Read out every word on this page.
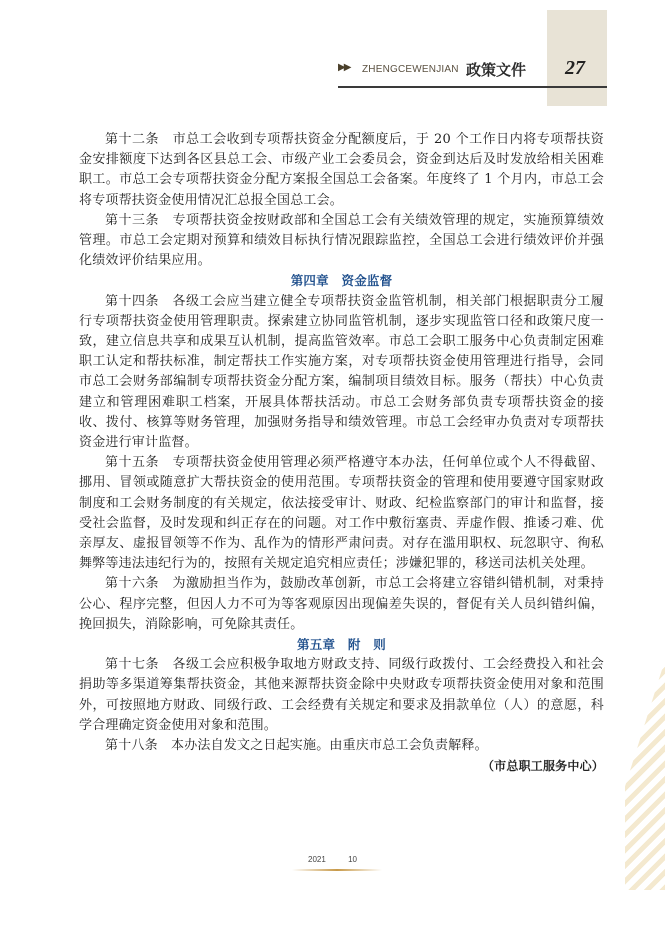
▶▶ ZHENGCEWENJIAN 政策文件 27

第十二条　市总工会收到专项帮扶资金分配额度后，于 20 个工作日内将专项帮扶资金安排额度下达到各区县总工会、市级产业工会委员会，资金到达后及时发放给相关困难职工。市总工会专项帮扶资金分配方案报全国总工会备案。年度终了 1 个月内，市总工会将专项帮扶资金使用情况汇总报全国总工会。

第十三条　专项帮扶资金按财政部和全国总工会有关绩效管理的规定，实施预算绩效管理。市总工会定期对预算和绩效目标执行情况跟踪监控，全国总工会进行绩效评价并强化绩效评价结果应用。

第四章　资金监督

第十四条　各级工会应当建立健全专项帮扶资金监管机制，相关部门根据职责分工履行专项帮扶资金使用管理职责。探索建立协同监管机制，逐步实现监管口径和政策尺度一致，建立信息共享和成果互认机制，提高监管效率。市总工会职工服务中心负责制定困难职工认定和帮扶标准，制定帮扶工作实施方案，对专项帮扶资金使用管理进行指导，会同市总工会财务部编制专项帮扶资金分配方案，编制项目绩效目标。服务（帮扶）中心负责建立和管理困难职工档案，开展具体帮扶活动。市总工会财务部负责专项帮扶资金的接收、拨付、核算等财务管理，加强财务指导和绩效管理。市总工会经审办负责对专项帮扶资金进行审计监督。

第十五条　专项帮扶资金使用管理必须严格遵守本办法，任何单位或个人不得截留、挪用、冒领或随意扩大帮扶资金的使用范围。专项帮扶资金的管理和使用要遵守国家财政制度和工会财务制度的有关规定，依法接受审计、财政、纪检监察部门的审计和监督，接受社会监督，及时发现和纠正存在的问题。对工作中敷衍塞责、弄虚作假、推诿刁难、优亲厚友、虚报冒领等不作为、乱作为的情形严肃问责。对存在滥用职权、玩忽职守、徇私舞弊等违法违纪行为的，按照有关规定追究相应责任；涉嫌犯罪的，移送司法机关处理。

第十六条　为激励担当作为，鼓励改革创新，市总工会将建立容错纠错机制，对秉持公心、程序完整，但因人力不可为等客观原因出现偏差失误的，督促有关人员纠错纠偏，挽回损失，消除影响，可免除其责任。

第五章　附　则

第十七条　各级工会应积极争取地方财政支持、同级行政拨付、工会经费投入和社会捐助等多渠道筹集帮扶资金，其他来源帮扶资金除中央财政专项帮扶资金使用对象和范围外，可按照地方财政、同级行政、工会经费有关规定和要求及捐款单位（人）的意愿，科学合理确定资金使用对象和范围。

第十八条　本办法自发文之日起实施。由重庆市总工会负责解释。

（市总职工服务中心）

2021	10
